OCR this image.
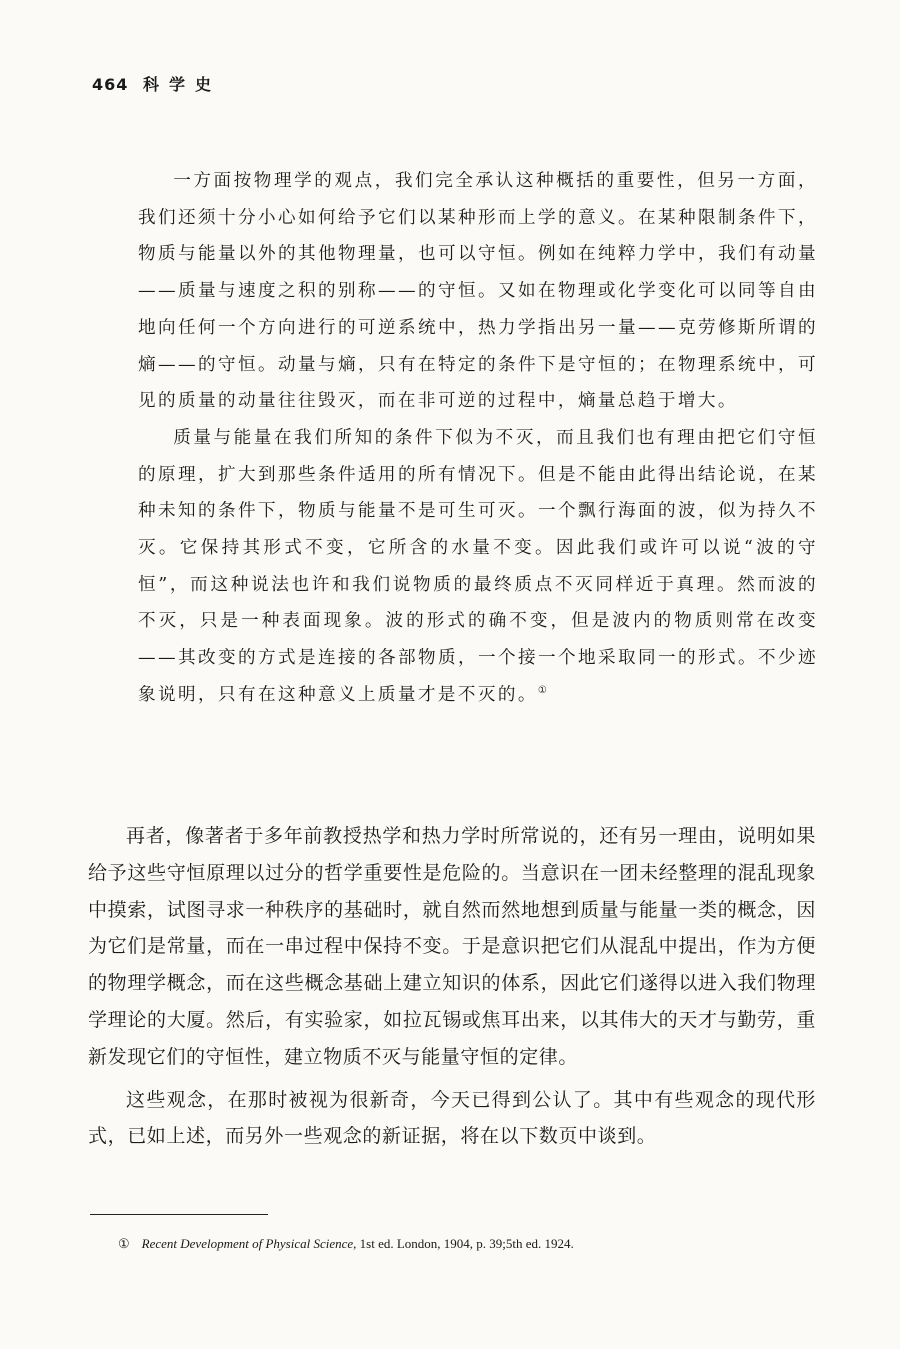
464 科学史

一方面按物理学的观点，我们完全承认这种概括的重要性，但另一方面，我们还须十分小心如何给予它们以某种形而上学的意义。在某种限制条件下，物质与能量以外的其他物理量，也可以守恒。例如在纯粹力学中，我们有动量——质量与速度之积的别称——的守恒。又如在物理或化学变化可以同等自由地向任何一个方向进行的可逆系统中，热力学指出另一量——克劳修斯所谓的熵——的守恒。动量与熵，只有在特定的条件下是守恒的；在物理系统中，可见的质量的动量往往毁灭，而在非可逆的过程中，熵量总趋于增大。

质量与能量在我们所知的条件下似为不灭，而且我们也有理由把它们守恒的原理，扩大到那些条件适用的所有情况下。但是不能由此得出结论说，在某种未知的条件下，物质与能量不是可生可灭。一个飘行海面的波，似为持久不灭。它保持其形式不变，它所含的水量不变。因此我们或许可以说“波的守恒”，而这种说法也许和我们说物质的最终质点不灭同样近于真理。然而波的不灭，只是一种表面现象。波的形式的确不变，但是波内的物质则常在改变——其改变的方式是连接的各部物质，一个接一个地采取同一的形式。不少迹象说明，只有在这种意义上质量才是不灭的。①

再者，像著者于多年前教授热学和热力学时所常说的，还有另一理由，说明如果给予这些守恒原理以过分的哲学重要性是危险的。当意识在一团未经整理的混乱现象中摸索，试图寻求一种秩序的基础时，就自然而然地想到质量与能量一类的概念，因为它们是常量，而在一串过程中保持不变。于是意识把它们从混乱中提出，作为方便的物理学概念，而在这些概念基础上建立知识的体系，因此它们遂得以进入我们物理学理论的大厦。然后，有实验家，如拉瓦锡或焦耳出来，以其伟大的天才与勤劳，重新发现它们的守恒性，建立物质不灭与能量守恒的定律。

这些观念，在那时被视为很新奇，今天已得到公认了。其中有些观念的现代形式，已如上述，而另外一些观念的新证据，将在以下数页中谈到。

① Recent Development of Physical Science, 1st ed. London, 1904, p. 39;5th ed. 1924.
